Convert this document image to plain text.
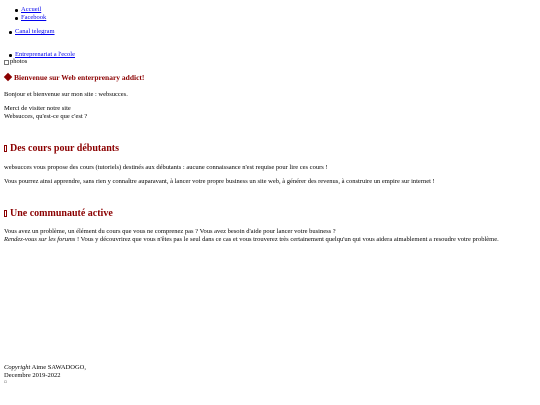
Accueil
Facebook
Canal telegram
Entreprenariat a l'ecole
photos
Bienvenue sur Web enterprenary addict!
Bonjour et bienvenue sur mon site : websucces.
Merci de visiter notre site
Websucces, qu'est-ce que c'est ?
Des cours pour débutants
websucces vous propose des cours (tutoriels) destinés aux débutants : aucune connaissance n'est requise pour lire ces cours !
Vous pourrez ainsi apprendre, sans rien y connaître auparavant, à lancer votre propre business un site web, à générer des revenus, à construire un empire sur internet !
Une communauté active
Vous avez un problème, un élément du cours que vous ne comprenez pas ? Vous avez besoin d'aide pour lancer votre business ?
Rendez-vous sur les forums ! Vous y découvrirez que vous n'êtes pas le seul dans ce cas et vous trouverez très certainement quelqu'un qui vous aidera aimablement a resoudre votre problème.
Copyright Aime SAWADOGO,
Decembre 2019-2022
¤
